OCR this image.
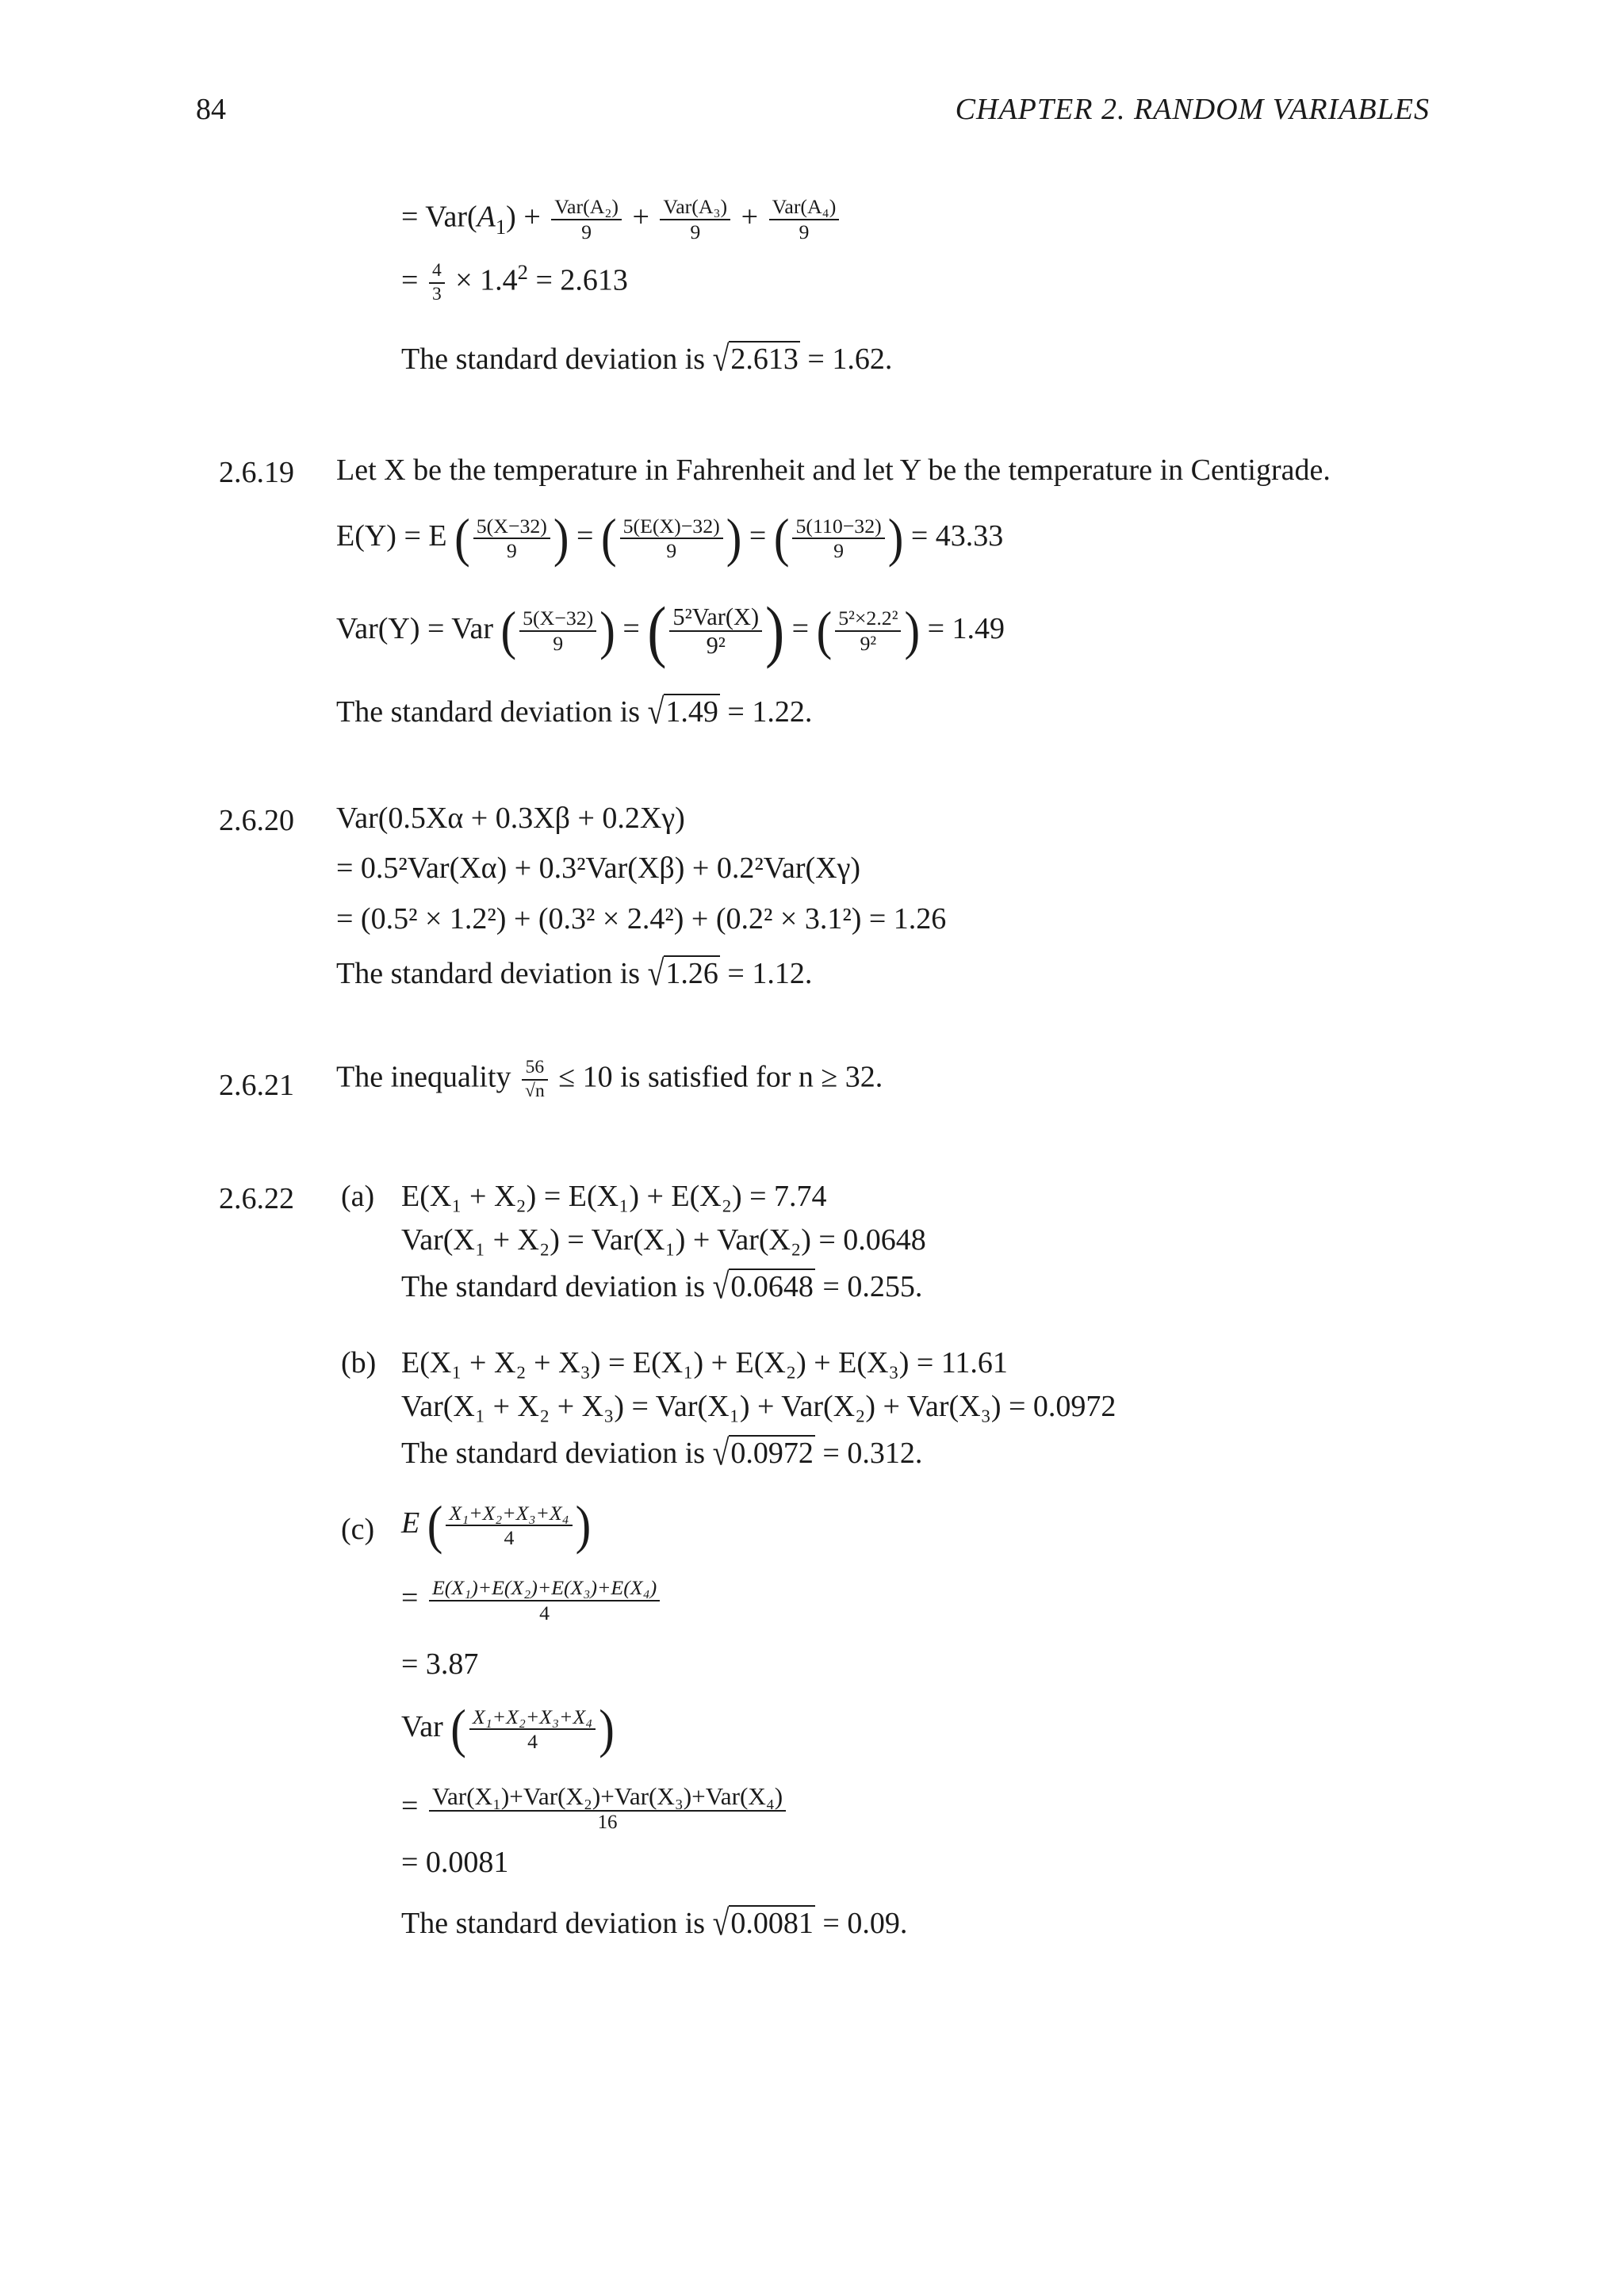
84	CHAPTER 2. RANDOM VARIABLES
= $Var(A_1) + \frac{\text{Var(A₂)}}{9} + \frac{\text{Var(A₃)}}{9} + \frac{\text{Var(A₄)}}{9}$
= $\frac{4}{3} \times 1.4^2 = 2.613$
The standard deviation is √2.613 = 1.62.
2.6.19 Let X be the temperature in Fahrenheit and let Y be the temperature in Centigrade.
E(Y) = E ( $\frac{5(X-32)}{9}$ ) = ( $\frac{5(E(X)-32)}{9}$ ) = ( $\frac{5(110-32)}{9}$ ) = 43.33
Var(Y) = Var ( $\frac{5(X-32)}{9}$ ) = ( $\frac{\text{5²Var(X)}}{\text{9²}}$ ) = ( $\frac{\text{5²×2.2²}}{\text{9²}}$ ) = 1.49
The standard deviation is √1.49 = 1.22.
2.6.20 Var(0.5Xα + 0.3Xβ + 0.2Xγ)
= 0.5²Var(Xα) + 0.3²Var(Xβ) + 0.2²Var(Xγ)
= (0.5² × 1.2²) + (0.3² × 2.4²) + (0.2² × 3.1²) = 1.26
The standard deviation is √1.26 = 1.12.
2.6.21 The inequality $\frac{56}{√n} \le 10$ is satisfied for n ≥ 32.
2.6.22 (a) E(X₁ + X₂) = E(X₁) + E(X₂) = 7.74
Var(X₁ + X₂) = Var(X₁) + Var(X₂) = 0.0648
The standard deviation is √0.0648 = 0.255.
(b) E(X₁ + X₂ + X₃) = E(X₁) + E(X₂) + E(X₃) = 11.61
Var(X₁ + X₂ + X₃) = Var(X₁) + Var(X₂) + Var(X₃) = 0.0972
The standard deviation is √0.0972 = 0.312.
(c) E ( $\frac{\text{X₁+X₂+X₃+X₄}}{4}$ )
= $\frac{\text{E(X₁)+E(X₂)+E(X₃)+E(X₄)}}{4}$
= 3.87
Var ( $\frac{\text{X₁+X₂+X₃+X₄}}{4}$ )
= $\frac{\text{Var(X₁)+Var(X₂)+Var(X₃)+Var(X₄)}}{16}$
= 0.0081
The standard deviation is √0.0081 = 0.09.
